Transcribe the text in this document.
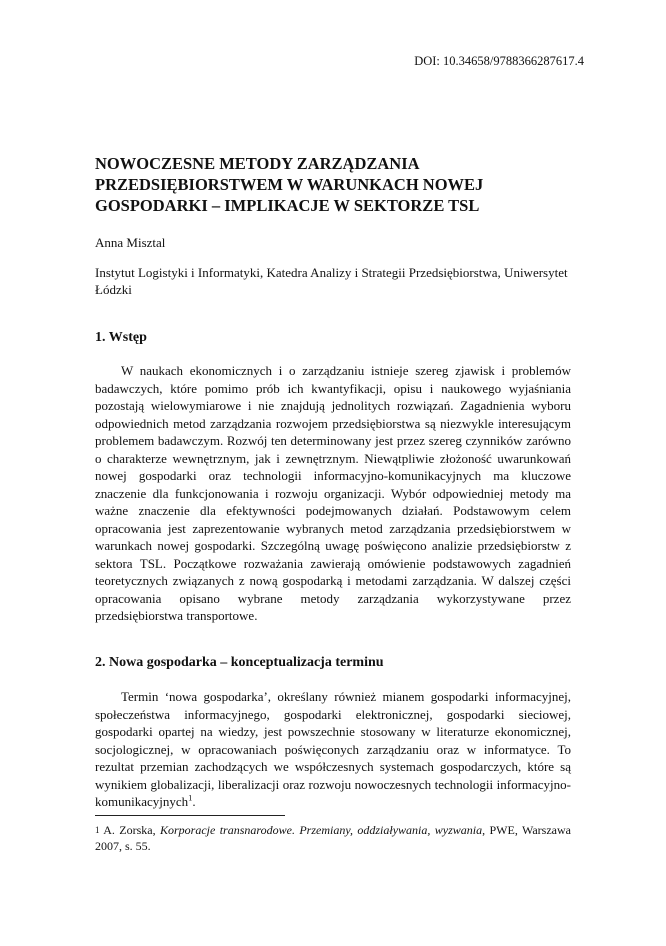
DOI: 10.34658/9788366287617.4
NOWOCZESNE METODY ZARZĄDZANIA PRZEDSIĘBIORSTWEM W WARUNKACH NOWEJ GOSPODARKI – IMPLIKACJE W SEKTORZE TSL
Anna Misztal
Instytut Logistyki i Informatyki, Katedra Analizy i Strategii Przedsiębiorstwa, Uniwersytet Łódzki
1. Wstęp

W naukach ekonomicznych i o zarządzaniu istnieje szereg zjawisk i problemów badawczych, które pomimo prób ich kwantyfikacji, opisu i naukowego wyjaśniania pozostają wielowymiarowe i nie znajdują jednolitych rozwiązań. Zagadnienia wyboru odpowiednich metod zarządzania rozwojem przedsiębiorstwa są niezwykle interesującym problemem badawczym. Rozwój ten determinowany jest przez szereg czynników zarówno o charakterze wewnętrznym, jak i zewnętrznym. Niewątpliwie złożoność uwarunkowań nowej gospodarki oraz technologii informacyjno-komunikacyjnych ma kluczowe znaczenie dla funkcjonowania i rozwoju organizacji. Wybór odpowiedniej metody ma ważne znaczenie dla efektywności podejmowanych działań. Podstawowym celem opracowania jest zaprezentowanie wybranych metod zarządzania przedsiębiorstwem w warunkach nowej gospodarki. Szczególną uwagę poświęcono analizie przedsiębiorstw z sektora TSL. Początkowe rozważania zawierają omówienie podstawowych zagadnień teoretycznych związanych z nową gospodarką i metodami zarządzania. W dalszej części opracowania opisano wybrane metody zarządzania wykorzystywane przez przedsiębiorstwa transportowe.

2. Nowa gospodarka – konceptualizacja terminu

Termin ‘nowa gospodarka’, określany również mianem gospodarki informacyjnej, społeczeństwa informacyjnego, gospodarki elektronicznej, gospodarki sieciowej, gospodarki opartej na wiedzy, jest powszechnie stosowany w literaturze ekonomicznej, socjologicznej, w opracowaniach poświęconych zarządzaniu oraz w informatyce. To rezultat przemian zachodzących we współczesnych systemach gospodarczych, które są wynikiem globalizacji, liberalizacji oraz rozwoju nowoczesnych technologii informacyjno-komunikacyjnych$^1$.

$^1$ A. Zorska, Korporacje transnarodowe. Przemiany, oddziaływania, wyzwania, PWE, Warszawa 2007, s. 55.
